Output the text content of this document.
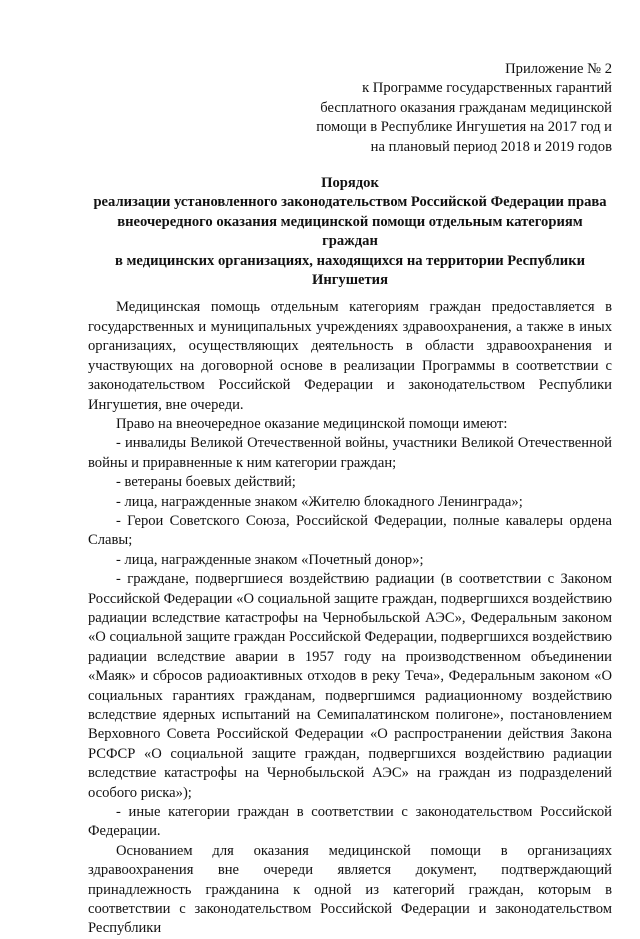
Приложение № 2
к Программе государственных гарантий
бесплатного оказания гражданам медицинской
помощи в Республике Ингушетия на 2017 год и
на плановый период 2018 и 2019 годов
Порядок
реализации установленного законодательством Российской Федерации права
внеочередного оказания медицинской помощи отдельным категориям граждан
в медицинских организациях, находящихся на территории Республики
Ингушетия

Медицинская помощь отдельным категориям граждан предоставляется в государственных и муниципальных учреждениях здравоохранения, а также в иных организациях, осуществляющих деятельность в области здравоохранения и участвующих на договорной основе в реализации Программы в соответствии с законодательством Российской Федерации и законодательством Республики Ингушетия, вне очереди.

Право на внеочередное оказание медицинской помощи имеют:

- инвалиды Великой Отечественной войны, участники Великой Отечественной войны и приравненные к ним категории граждан;

- ветераны боевых действий;

- лица, награжденные знаком «Жителю блокадного Ленинграда»;

- Герои Советского Союза, Российской Федерации, полные кавалеры ордена Славы;

- лица, награжденные знаком «Почетный донор»;

- граждане, подвергшиеся воздействию радиации (в соответствии с Законом Российской Федерации «О социальной защите граждан, подвергшихся воздействию радиации вследствие катастрофы на Чернобыльской АЭС», Федеральным законом «О социальной защите граждан Российской Федерации, подвергшихся воздействию радиации вследствие аварии в 1957 году на производственном объединении «Маяк» и сбросов радиоактивных отходов в реку Теча», Федеральным законом «О социальных гарантиях гражданам, подвергшимся радиационному воздействию вследствие ядерных испытаний на Семипалатинском полигоне», постановлением Верховного Совета Российской Федерации «О распространении действия Закона РСФСР «О социальной защите граждан, подвергшихся воздействию радиации вследствие катастрофы на Чернобыльской АЭС» на граждан из подразделений особого риска»);

- иные категории граждан в соответствии с законодательством Российской Федерации.

Основанием для оказания медицинской помощи в организациях здравоохранения вне очереди является документ, подтверждающий принадлежность гражданина к одной из категорий граждан, которым в соответствии с законодательством Российской Федерации и законодательством Республики
